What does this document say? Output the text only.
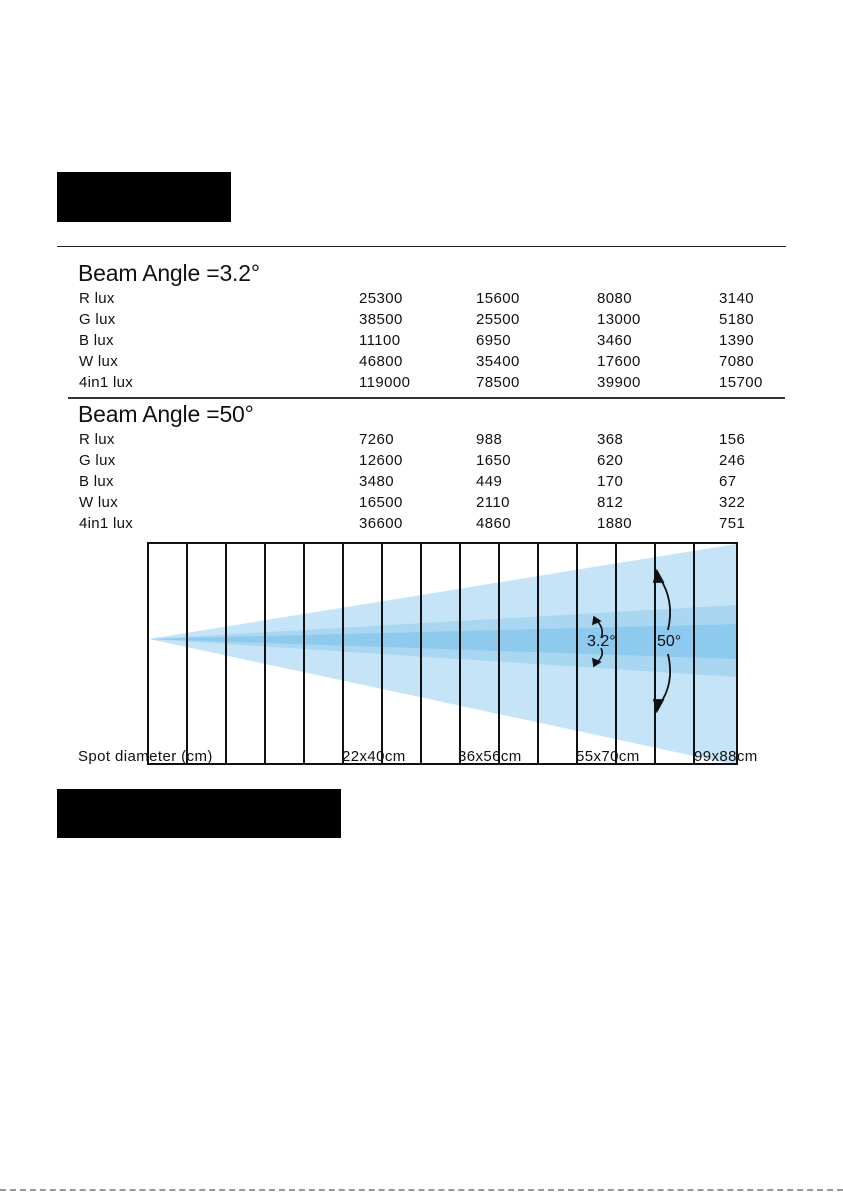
Beam Angle =3.2°
R lux	25300	15600	8080	3140
G lux	38500	25500	13000	5180
B lux	11100	6950	3460	1390
W lux	46800	35400	17600	7080
4in1 lux	119000	78500	39900	15700
Beam Angle =50°
R lux	7260	988	368	156
G lux	12600	1650	620	246
B lux	3480	449	170	67
W lux	16500	2110	812	322
4in1 lux	36600	4860	1880	751
3.2°	50°
Spot diameter (cm)	22x40cm	36x56cm	55x70cm	99x88cm
